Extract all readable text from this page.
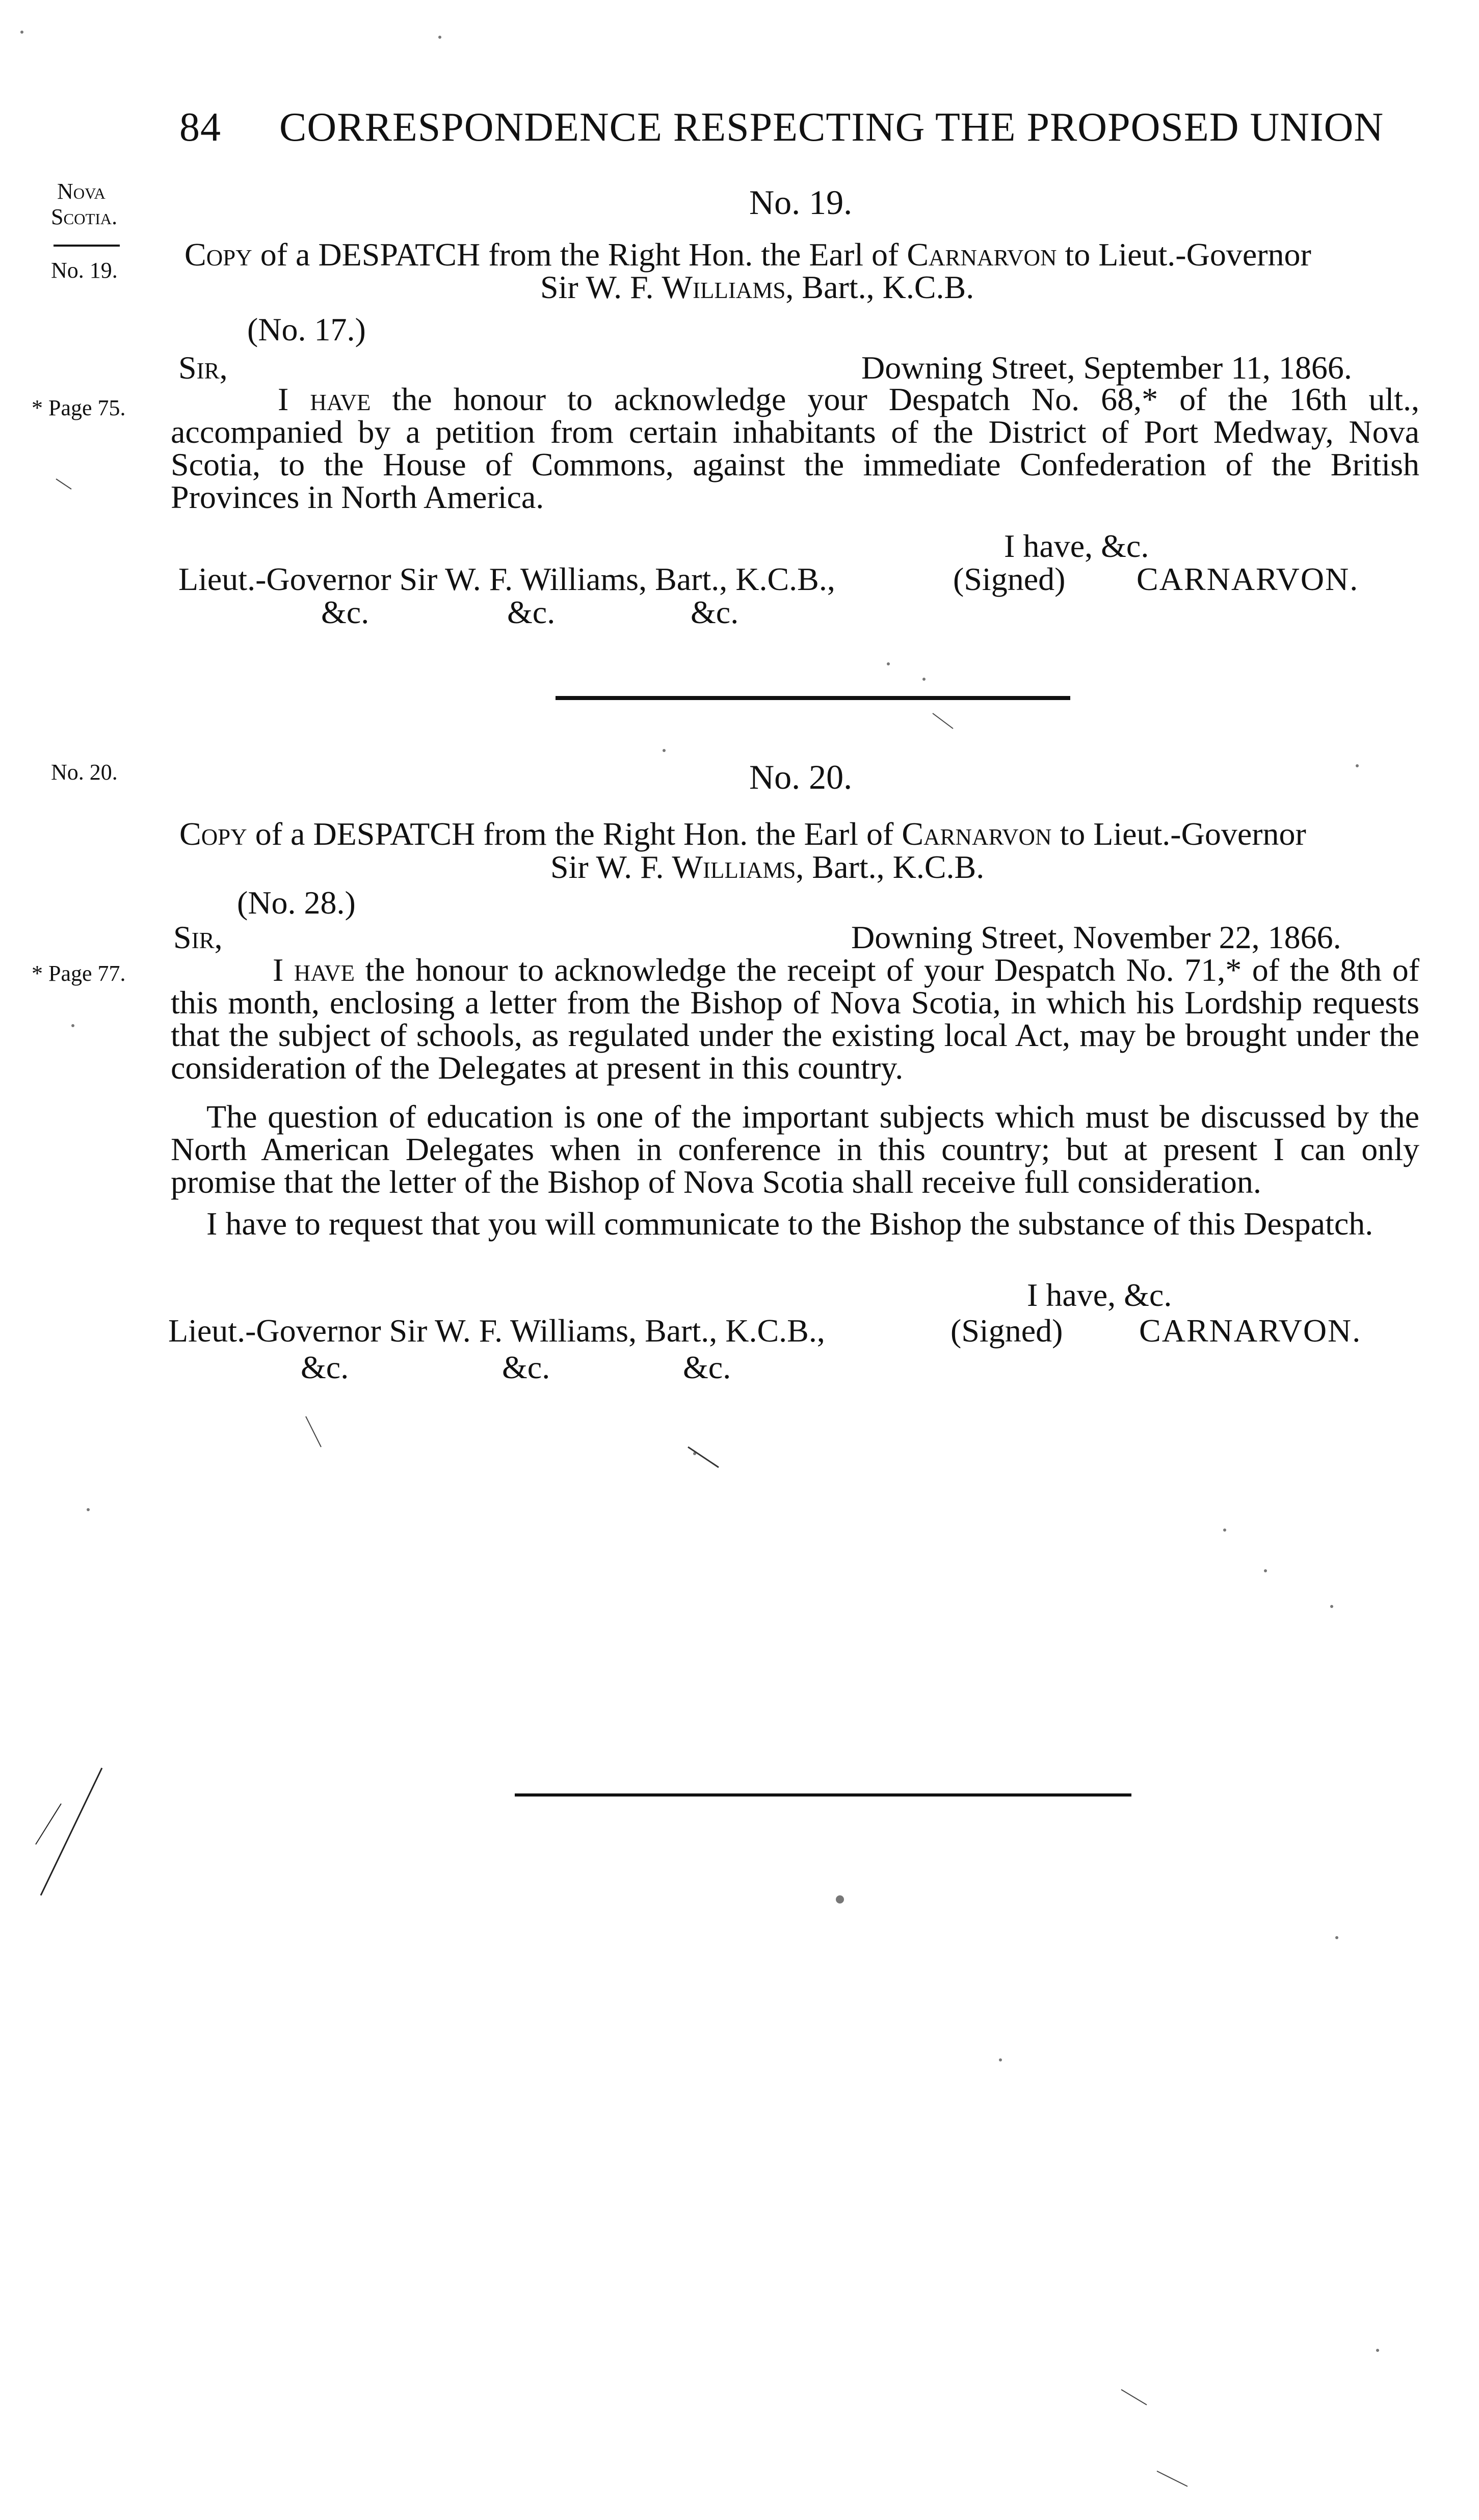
84 CORRESPONDENCE RESPECTING THE PROPOSED UNION
Nova
Scotia.
No. 19.
* Page 75.
No. 20.
* Page 77.
No. 19.
Copy of a DESPATCH from the Right Hon. the Earl of Carnarvon to Lieut.-Governor
Sir W. F. Williams, Bart., K.C.B.
(No. 17.)
Sir,	Downing Street, September 11, 1866.
I have the honour to acknowledge your Despatch No. 68,* of the 16th ult., accompanied by a petition from certain inhabitants of the District of Port Medway, Nova Scotia, to the House of Commons, against the immediate Confederation of the British Provinces in North America.
I have, &c.
Lieut.-Governor Sir W. F. Williams, Bart., K.C.B.,	(Signed) CARNARVON.
&c.	&c.	&c.
No. 20.
Copy of a DESPATCH from the Right Hon. the Earl of Carnarvon to Lieut.-Governor
Sir W. F. Williams, Bart., K.C.B.
(No. 28.)
Sir,	Downing Street, November 22, 1866.
I have the honour to acknowledge the receipt of your Despatch No. 71,* of the 8th of this month, enclosing a letter from the Bishop of Nova Scotia, in which his Lordship requests that the subject of schools, as regulated under the existing local Act, may be brought under the consideration of the Delegates at present in this country.
The question of education is one of the important subjects which must be discussed by the North American Delegates when in conference in this country; but at present I can only promise that the letter of the Bishop of Nova Scotia shall receive full consideration.
I have to request that you will communicate to the Bishop the substance of this Despatch.
I have, &c.
Lieut.-Governor Sir W. F. Williams, Bart., K.C.B.,	(Signed) CARNARVON.
&c.	&c.	&c.
